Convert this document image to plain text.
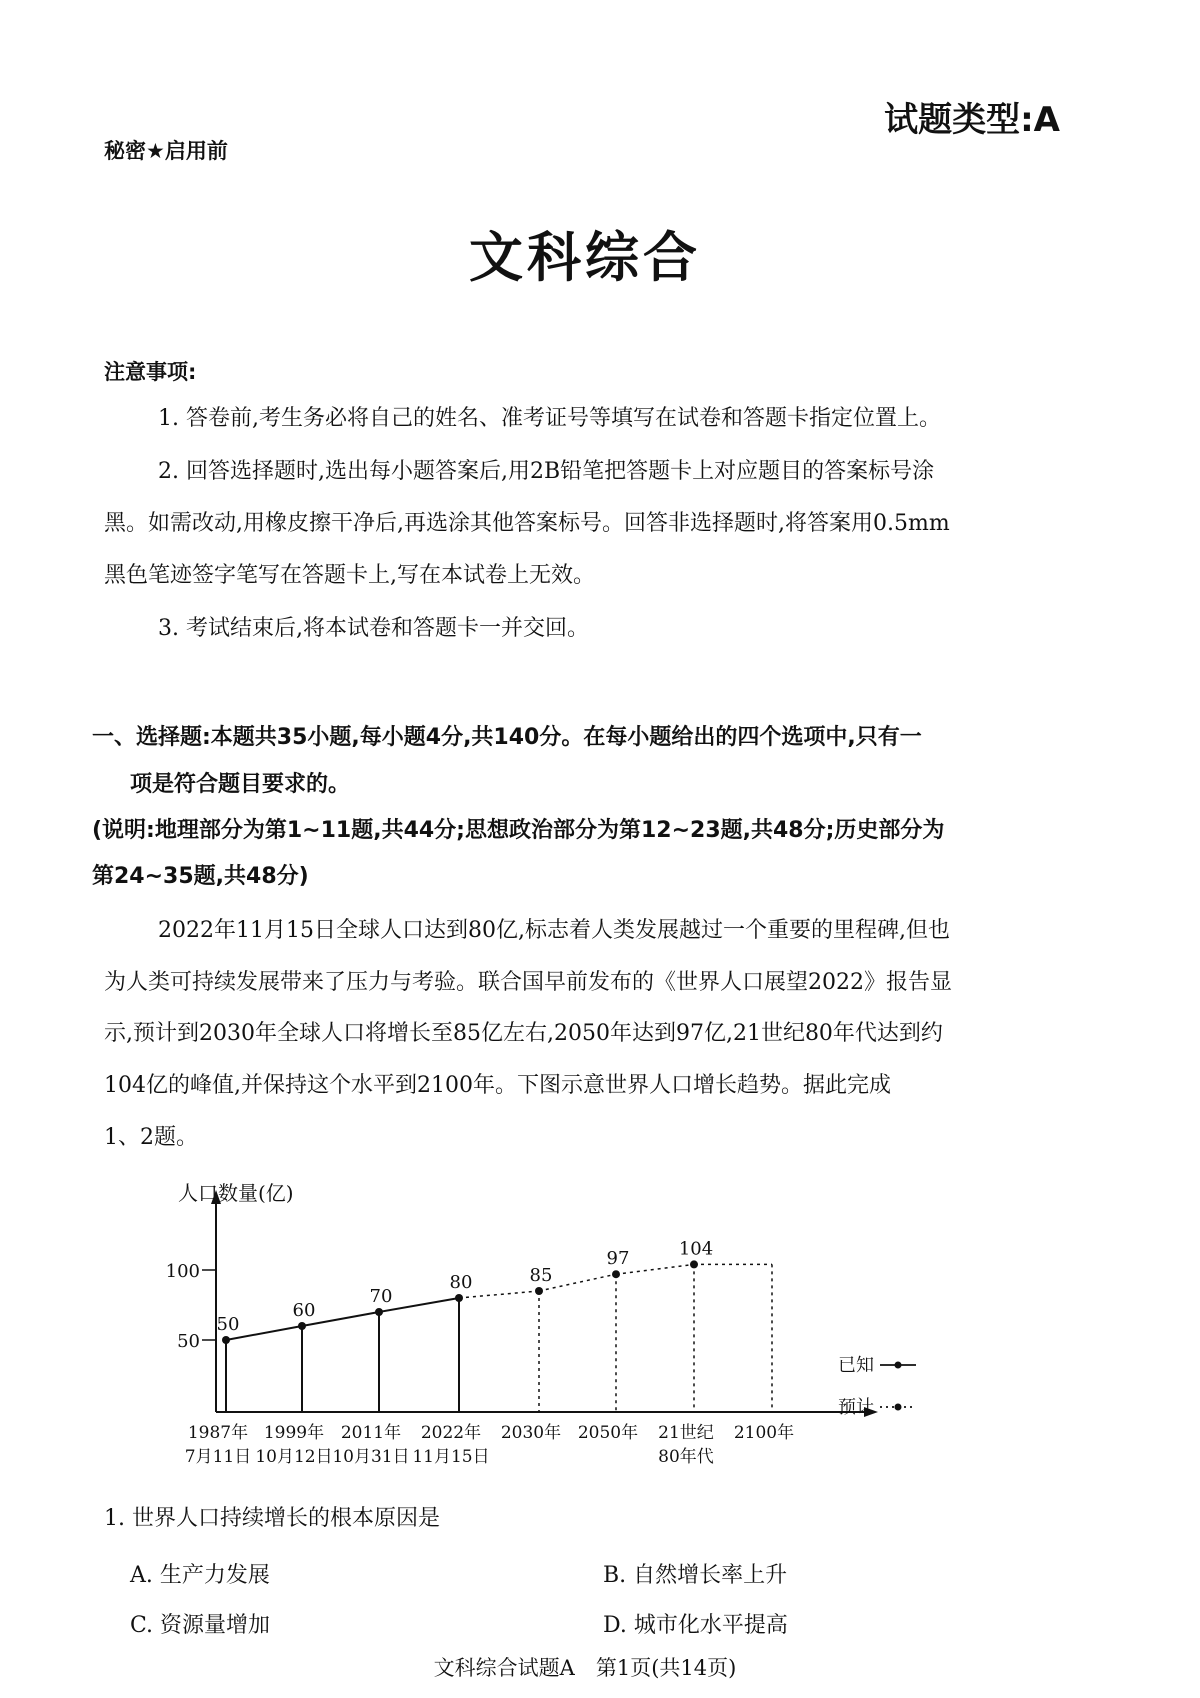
试题类型:A
秘密★启用前
文科综合
注意事项:
1. 答卷前,考生务必将自己的姓名、准考证号等填写在试卷和答题卡指定位置上。
2. 回答选择题时,选出每小题答案后,用2B铅笔把答题卡上对应题目的答案标号涂
黑。如需改动,用橡皮擦干净后,再选涂其他答案标号。回答非选择题时,将答案用0.5mm
黑色笔迹签字笔写在答题卡上,写在本试卷上无效。
3. 考试结束后,将本试卷和答题卡一并交回。
一、选择题:本题共35小题,每小题4分,共140分。在每小题给出的四个选项中,只有一
项是符合题目要求的。
(说明:地理部分为第1~11题,共44分;思想政治部分为第12~23题,共48分;历史部分为
第24~35题,共48分)
2022年11月15日全球人口达到80亿,标志着人类发展越过一个重要的里程碑,但也
为人类可持续发展带来了压力与考验。联合国早前发布的《世界人口展望2022》报告显
示,预计到2030年全球人口将增长至85亿左右,2050年达到97亿,21世纪80年代达到约
104亿的峰值,并保持这个水平到2100年。下图示意世界人口增长趋势。据此完成
1、2题。
人口数量(亿)
50
100
50
1987年
7月11日
60
1999年
10月12日
70
2011年
10月31日
80
2022年
11月15日
85
2030年
97
2050年
104
21世纪
80年代
2100年
已知
预计
1. 世界人口持续增长的根本原因是
A. 生产力发展	B. 自然增长率上升
C. 资源量增加	D. 城市化水平提高
文科综合试题A　第1页(共14页)
